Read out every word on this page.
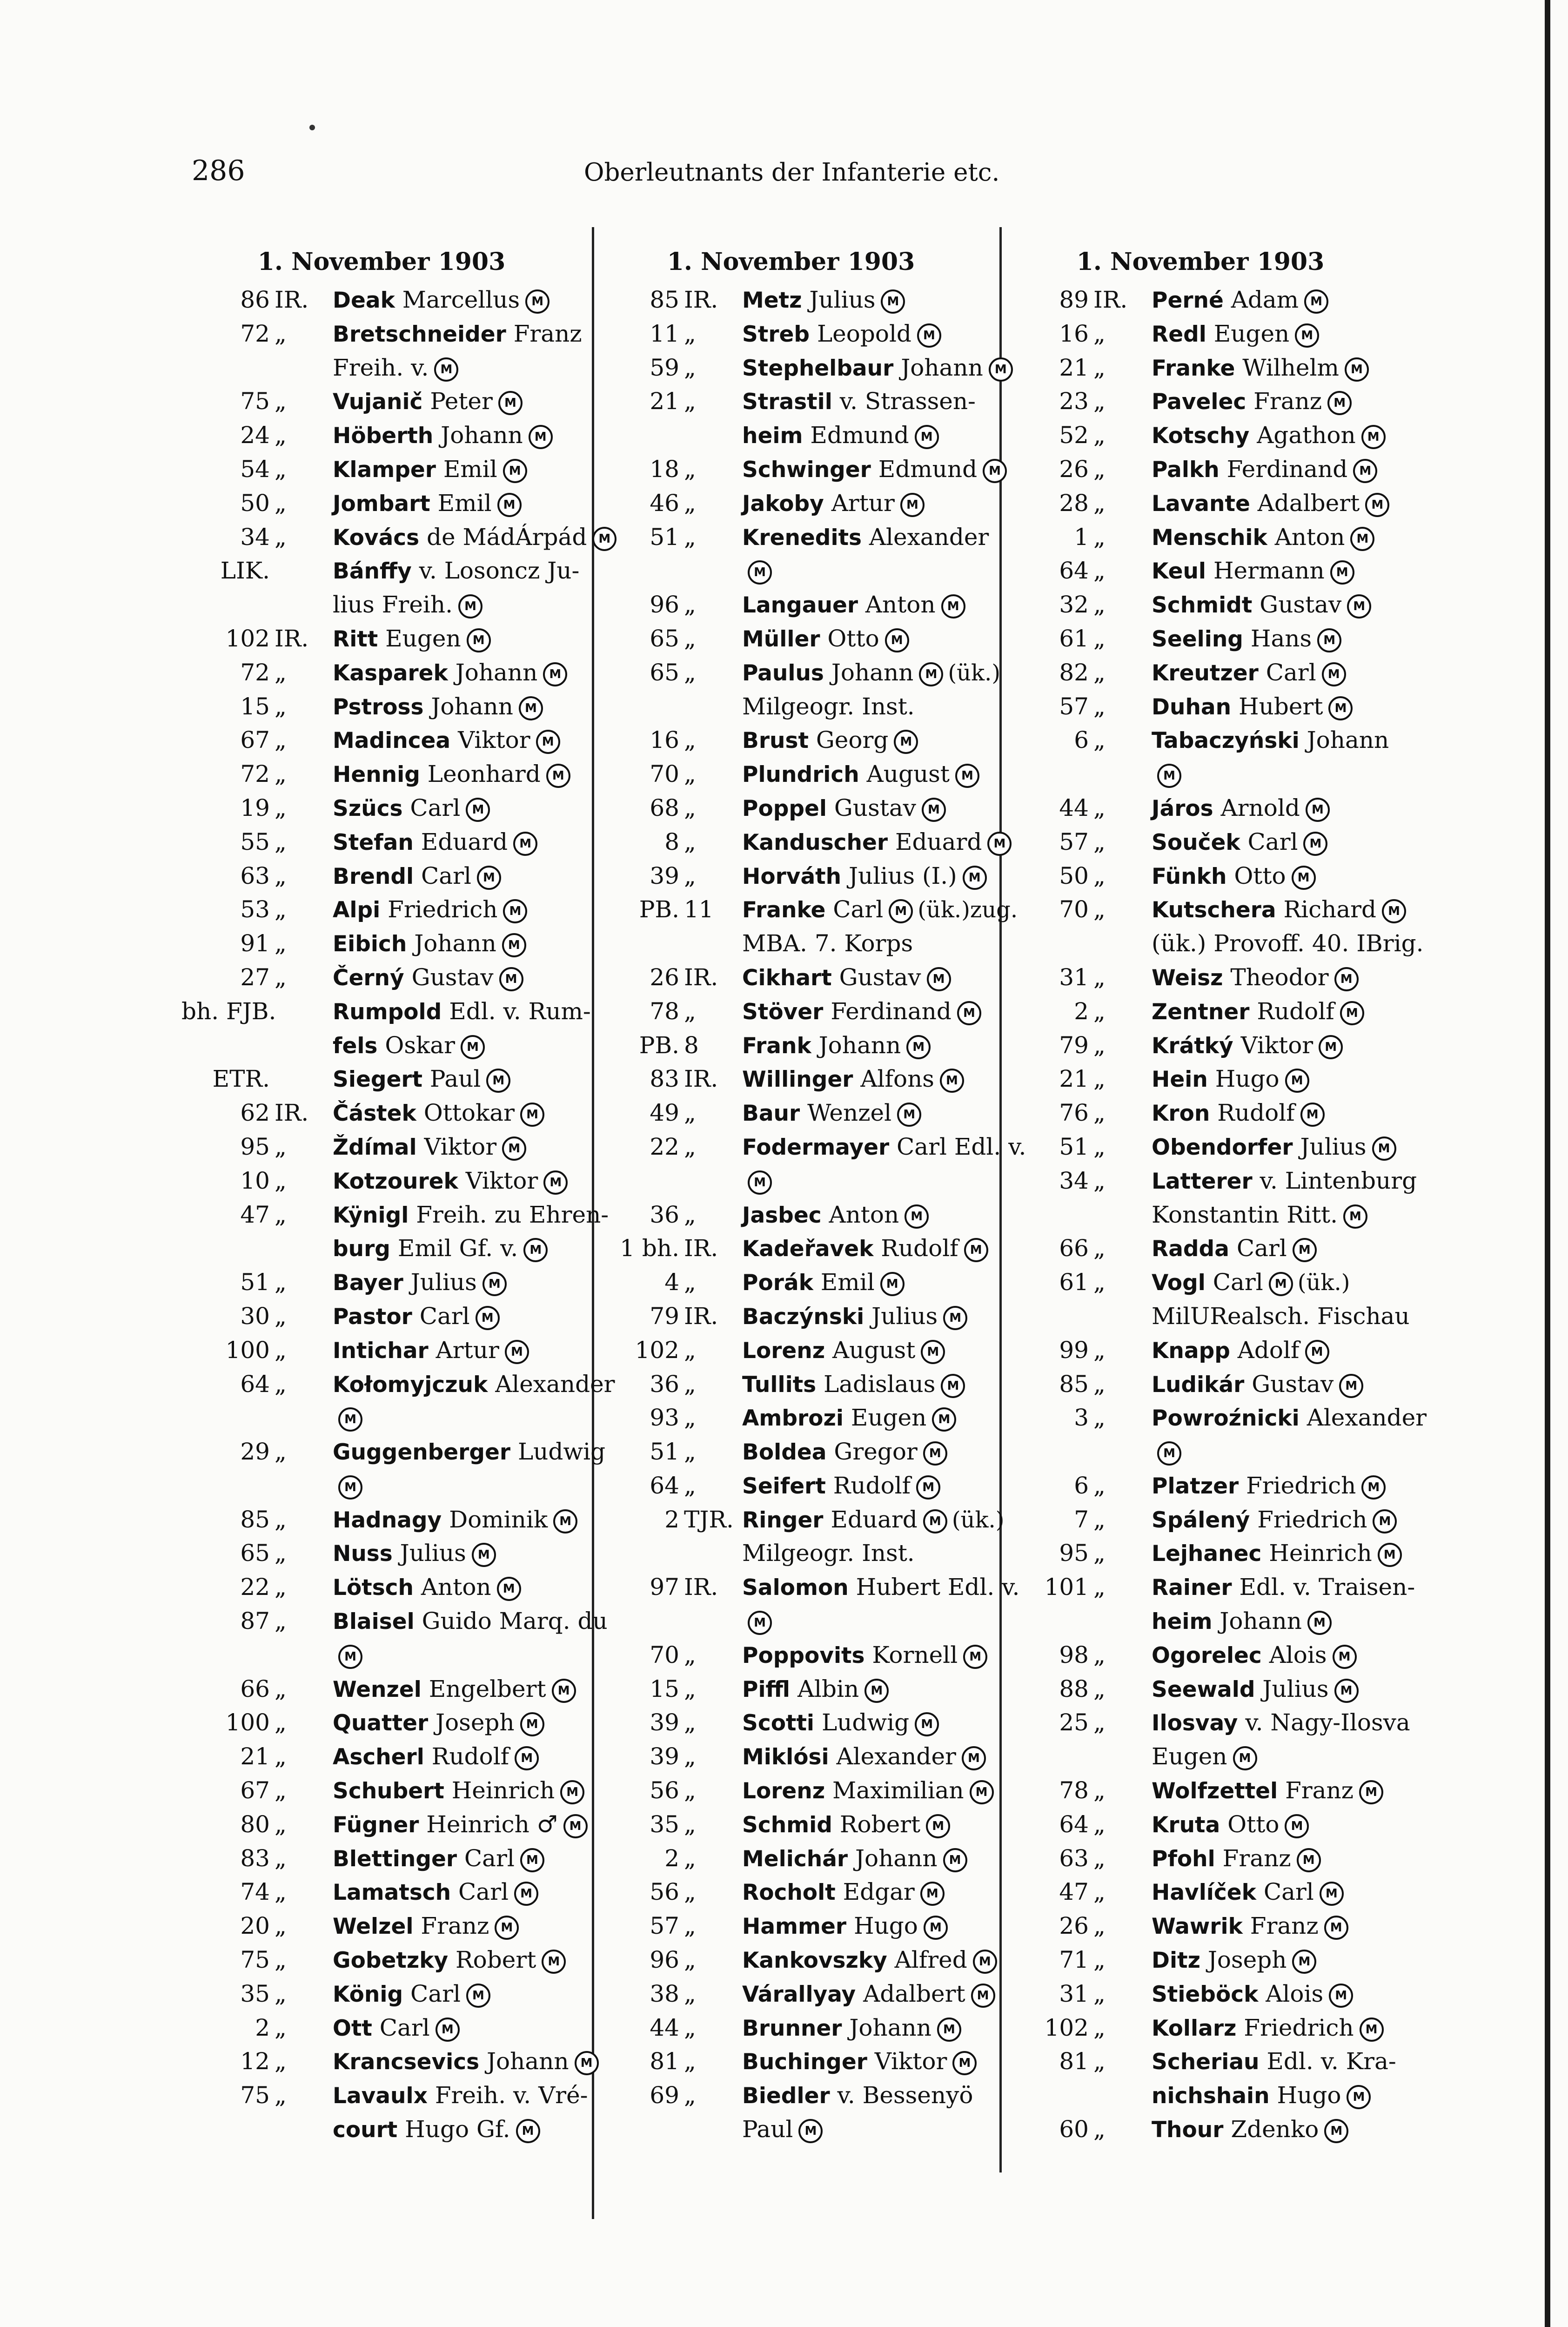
286	Oberleutnants der Infanterie etc.
1. November 1903
86 IR.	Deak Marcellus M
72 „	Bretschneider Franz
Freih. v. M
75 „	Vujanič Peter M
24 „	Höberth Johann M
54 „	Klamper Emil M
50 „	Jombart Emil M
34 „	Kovács de MádÁrpád M
LIK.	Bánffy v. Losoncz Ju-
lius Freih. M
102 IR.	Ritt Eugen M
72 „	Kasparek Johann M
15 „	Pstross Johann M
67 „	Madincea Viktor M
72 „	Hennig Leonhard M
19 „	Szücs Carl M
55 „	Stefan Eduard M
63 „	Brendl Carl M
53 „	Alpi Friedrich M
91 „	Eibich Johann M
27 „	Černý Gustav M
bh. FJB.	Rumpold Edl. v. Rum-
fels Oskar M
ETR.	Siegert Paul M
62 IR.	Částek Ottokar M
95 „	Ždímal Viktor M
10 „	Kotzourek Viktor M
47 „	Kÿnigl Freih. zu Ehren-
burg Emil Gf. v. M
51 „	Bayer Julius M
30 „	Pastor Carl M
100 „	Intichar Artur M
64 „	Kołomyjczuk Alexander
M
29 „	Guggenberger Ludwig
M
85 „	Hadnagy Dominik M
65 „	Nuss Julius M
22 „	Lötsch Anton M
87 „	Blaisel Guido Marq. du
M
66 „	Wenzel Engelbert M
100 „	Quatter Joseph M
21 „	Ascherl Rudolf M
67 „	Schubert Heinrich M
80 „	Fügner Heinrich ♂ M
83 „	Blettinger Carl M
74 „	Lamatsch Carl M
20 „	Welzel Franz M
75 „	Gobetzky Robert M
35 „	König Carl M
2 „	Ott Carl M
12 „	Krancsevics Johann M
75 „	Lavaulx Freih. v. Vré-
court Hugo Gf. M
1. November 1903
85 IR.	Metz Julius M
11 „	Streb Leopold M
59 „	Stephelbaur Johann M
21 „	Strastil v. Strassen-
heim Edmund M
18 „	Schwinger Edmund M
46 „	Jakoby Artur M
51 „	Krenedits Alexander
M
96 „	Langauer Anton M
65 „	Müller Otto M
65 „	Paulus Johann M (ük.)
Milgeogr. Inst.
16 „	Brust Georg M
70 „	Plundrich August M
68 „	Poppel Gustav M
8 „	Kanduscher Eduard M
39 „	Horváth Julius (I.) M
PB. 11	Franke Carl M (ük.)zug.
MBA. 7. Korps
26 IR.	Cikhart Gustav M
78 „	Stöver Ferdinand M
PB. 8	Frank Johann M
83 IR.	Willinger Alfons M
49 „	Baur Wenzel M
22 „	Fodermayer Carl Edl. v.
M
36 „	Jasbec Anton M
1 bh. IR.	Kadeřavek Rudolf M
4 „	Porák Emil M
79 IR.	Baczýnski Julius M
102 „	Lorenz August M
36 „	Tullits Ladislaus M
93 „	Ambrozi Eugen M
51 „	Boldea Gregor M
64 „	Seifert Rudolf M
2 TJR. Ringer Eduard M (ük.)
Milgeogr. Inst.
97 IR.	Salomon Hubert Edl. v.
M
70 „	Poppovits Kornell M
15 „	Piffl Albin M
39 „	Scotti Ludwig M
39 „	Miklósi Alexander M
56 „	Lorenz Maximilian M
35 „	Schmid Robert M
2 „	Melichár Johann M
56 „	Rocholt Edgar M
57 „	Hammer Hugo M
96 „	Kankovszky Alfred M
38 „	Várallyay Adalbert M
44 „	Brunner Johann M
81 „	Buchinger Viktor M
69 „	Biedler v. Bessenyö
Paul M
1. November 1903
89 IR.	Perné Adam M
16 „	Redl Eugen M
21 „	Franke Wilhelm M
23 „	Pavelec Franz M
52 „	Kotschy Agathon M
26 „	Palkh Ferdinand M
28 „	Lavante Adalbert M
1 „	Menschik Anton M
64 „	Keul Hermann M
32 „	Schmidt Gustav M
61 „	Seeling Hans M
82 „	Kreutzer Carl M
57 „	Duhan Hubert M
6 „	Tabaczyński Johann
M
44 „	Járos Arnold M
57 „	Souček Carl M
50 „	Fünkh Otto M
70 „	Kutschera Richard M
(ük.) Provoff. 40. IBrig.
31 „	Weisz Theodor M
2 „	Zentner Rudolf M
79 „	Krátký Viktor M
21 „	Hein Hugo M
76 „	Kron Rudolf M
51 „	Obendorfer Julius M
34 „	Latterer v. Lintenburg
Konstantin Ritt. M
66 „	Radda Carl M
61 „	Vogl Carl M (ük.)
MilURealsch. Fischau
99 „	Knapp Adolf M
85 „	Ludikár Gustav M
3 „	Powroźnicki Alexander
M
6 „	Platzer Friedrich M
7 „	Spálený Friedrich M
95 „	Lejhanec Heinrich M
101 „	Rainer Edl. v. Traisen-
heim Johann M
98 „	Ogorelec Alois M
88 „	Seewald Julius M
25 „	Ilosvay v. Nagy-Ilosva
Eugen M
78 „	Wolfzettel Franz M
64 „	Kruta Otto M
63 „	Pfohl Franz M
47 „	Havlíček Carl M
26 „	Wawrik Franz M
71 „	Ditz Joseph M
31 „	Stieböck Alois M
102 „	Kollarz Friedrich M
81 „	Scheriau Edl. v. Kra-
nichshain Hugo M
60 „	Thour Zdenko M
